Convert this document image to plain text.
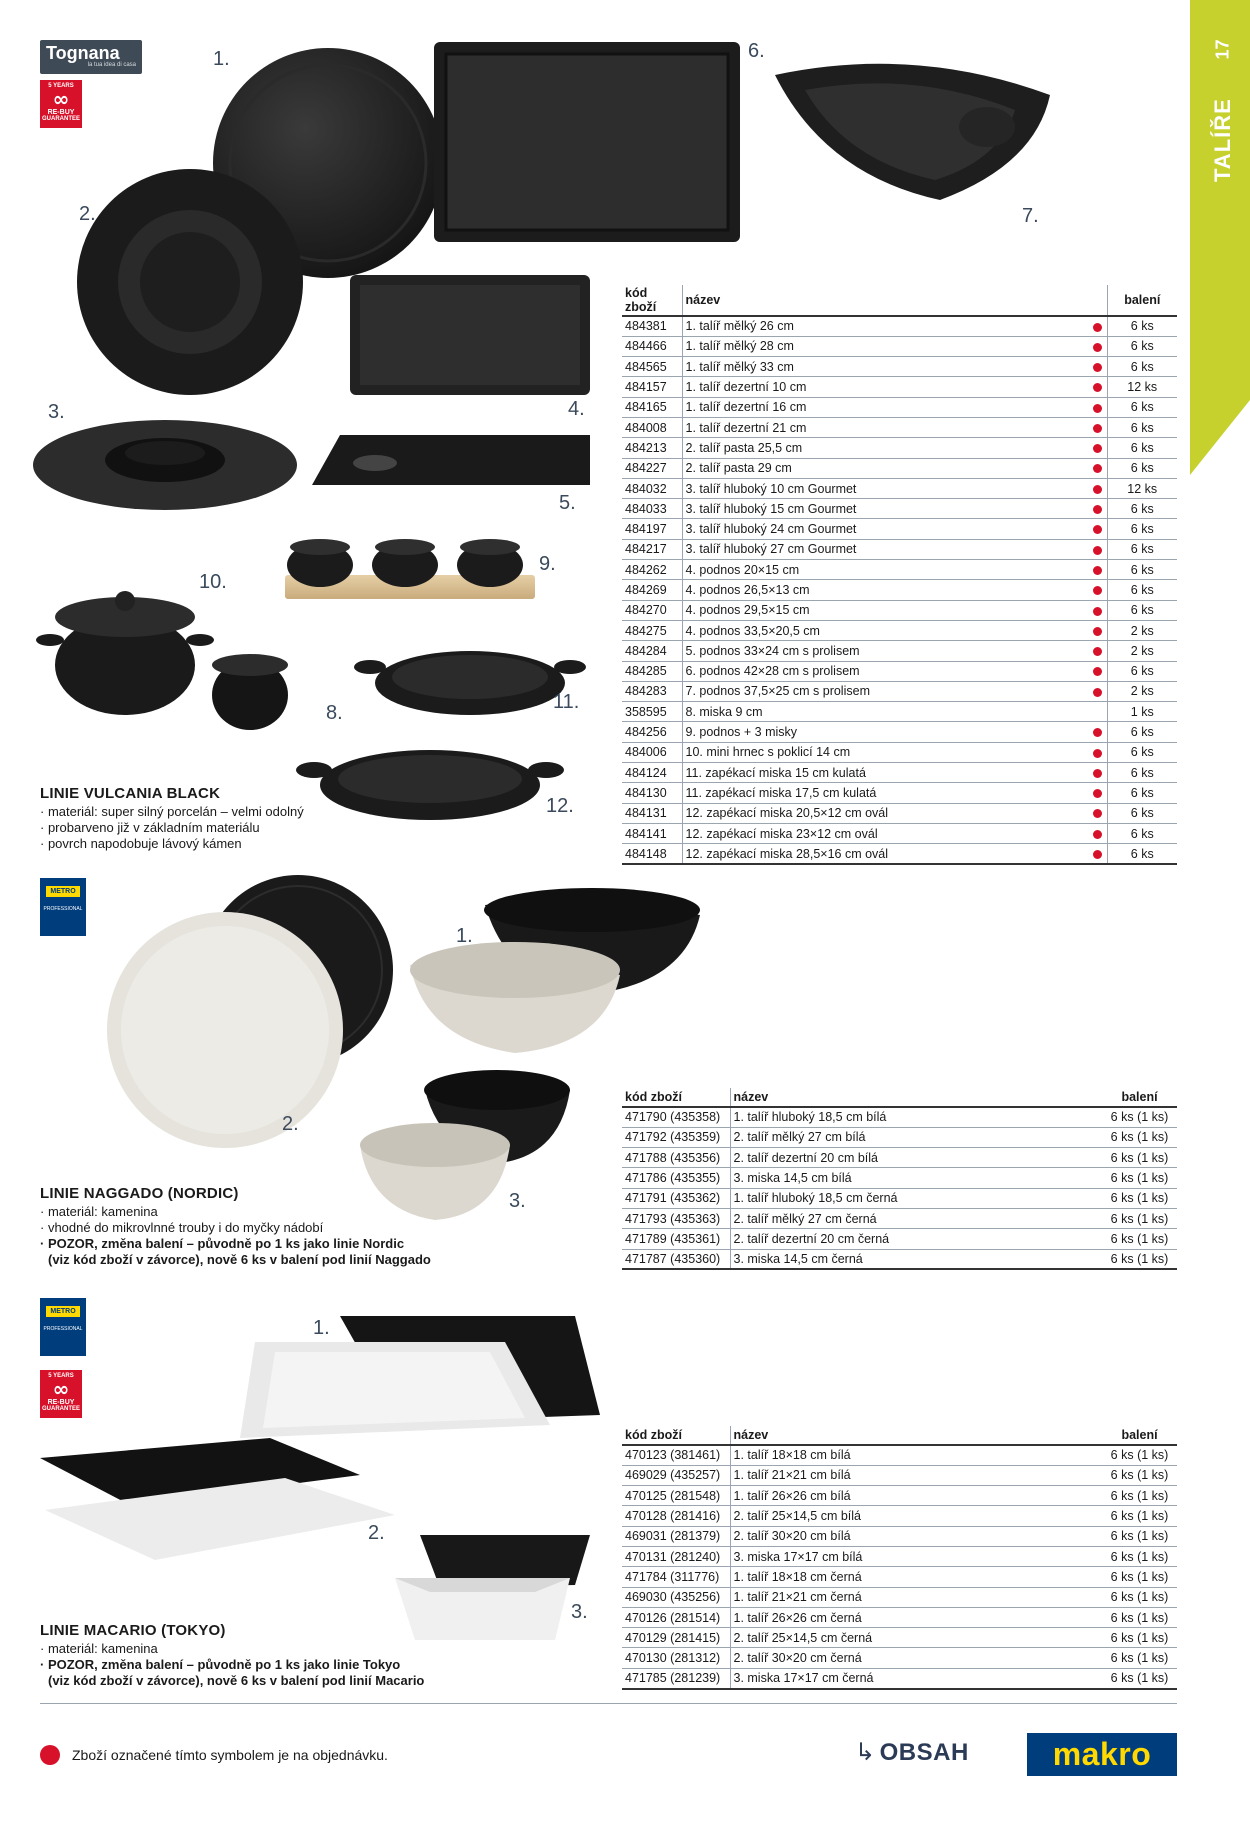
17
TALÍŘE
Tognana
la tua idea di casa
5 YEARS
∞
RE-BUY
GUARANTEE
1.
2.
3.	4.
5.
6.
7.
8.
9.
10.
11.
12.
LINIE VULCANIA BLACK
· materiál: super silný porcelán – velmi odolný
· probarveno již v základním materiálu
· povrch napodobuje lávový kámen
kód zboží	název		balení
484381	1. talíř mělký 26 cm		6 ks
484466	1. talíř mělký 28 cm		6 ks
484565	1. talíř mělký 33 cm		6 ks
484157	1. talíř dezertní 10 cm		12 ks
484165	1. talíř dezertní 16 cm		6 ks
484008	1. talíř dezertní 21 cm		6 ks
484213	2. talíř pasta 25,5 cm		6 ks
484227	2. talíř pasta 29 cm		6 ks
484032	3. talíř hluboký 10 cm Gourmet		12 ks
484033	3. talíř hluboký 15 cm Gourmet		6 ks
484197	3. talíř hluboký 24 cm Gourmet		6 ks
484217	3. talíř hluboký 27 cm Gourmet		6 ks
484262	4. podnos 20×15 cm		6 ks
484269	4. podnos 26,5×13 cm		6 ks
484270	4. podnos 29,5×15 cm		6 ks
484275	4. podnos 33,5×20,5 cm		2 ks
484284	5. podnos 33×24 cm s prolisem		2 ks
484285	6. podnos 42×28 cm s prolisem		6 ks
484283	7. podnos 37,5×25 cm s prolisem		2 ks
358595	8. miska 9 cm		1 ks
484256	9. podnos + 3 misky		6 ks
484006	10. mini hrnec s poklicí 14 cm		6 ks
484124	11. zapékací miska 15 cm kulatá		6 ks
484130	11. zapékací miska 17,5 cm kulatá		6 ks
484131	12. zapékací miska 20,5×12 cm ovál		6 ks
484141	12. zapékací miska 23×12 cm ovál		6 ks
484148	12. zapékací miska 28,5×16 cm ovál		6 ks
METRO
PROFESSIONAL
1.
2.
3.
LINIE NAGGADO (NORDIC)
· materiál: kamenina
· vhodné do mikrovlnné trouby i do myčky nádobí
· POZOR, změna balení – původně po 1 ks jako linie Nordic
(viz kód zboží v závorce), nově 6 ks v balení pod linií Naggado
kód zboží	název	balení
471790 (435358)	1. talíř hluboký 18,5 cm bílá	6 ks (1 ks)
471792 (435359)	2. talíř mělký 27 cm bílá	6 ks (1 ks)
471788 (435356)	2. talíř dezertní 20 cm bílá	6 ks (1 ks)
471786 (435355)	3. miska 14,5 cm bílá	6 ks (1 ks)
471791 (435362)	1. talíř hluboký 18,5 cm černá	6 ks (1 ks)
471793 (435363)	2. talíř mělký 27 cm černá	6 ks (1 ks)
471789 (435361)	2. talíř dezertní 20 cm černá	6 ks (1 ks)
471787 (435360)	3. miska 14,5 cm černá	6 ks (1 ks)
METRO
PROFESSIONAL
5 YEARS
∞
RE-BUY
GUARANTEE
1.
2.
3.
LINIE MACARIO (TOKYO)
· materiál: kamenina
· POZOR, změna balení – původně po 1 ks jako linie Tokyo
(viz kód zboží v závorce), nově 6 ks v balení pod linií Macario
kód zboží	název	balení
470123 (381461)	1. talíř 18×18 cm bílá	6 ks (1 ks)
469029 (435257)	1. talíř 21×21 cm bílá	6 ks (1 ks)
470125 (281548)	1. talíř 26×26 cm bílá	6 ks (1 ks)
470128 (281416)	2. talíř 25×14,5 cm bílá	6 ks (1 ks)
469031 (281379)	2. talíř 30×20 cm bílá	6 ks (1 ks)
470131 (281240)	3. miska 17×17 cm bílá	6 ks (1 ks)
471784 (311776)	1. talíř 18×18 cm černá	6 ks (1 ks)
469030 (435256)	1. talíř 21×21 cm černá	6 ks (1 ks)
470126 (281514)	1. talíř 26×26 cm černá	6 ks (1 ks)
470129 (281415)	2. talíř 25×14,5 cm černá	6 ks (1 ks)
470130 (281312)	2. talíř 30×20 cm černá	6 ks (1 ks)
471785 (281239)	3. miska 17×17 cm černá	6 ks (1 ks)
Zboží označené tímto symbolem je na objednávku.	↳ OBSAH	makro
